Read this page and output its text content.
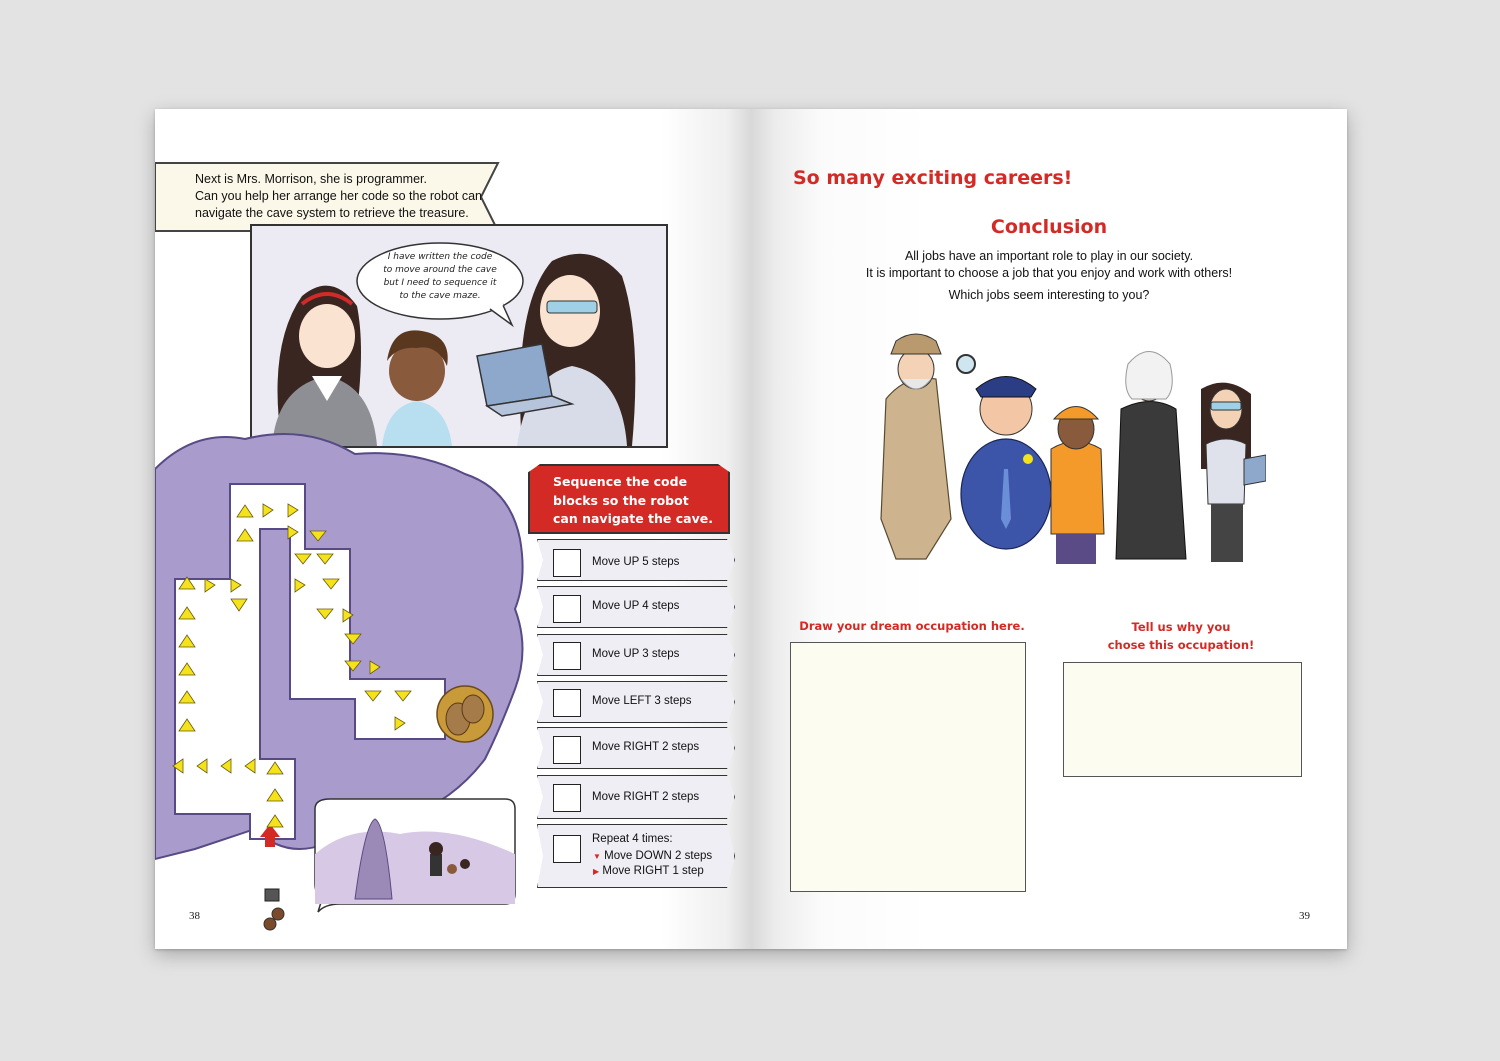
Next is Mrs. Morrison, she is programmer.
Can you help her arrange her code so the robot can
navigate the cave system to retrieve the treasure.
I have written the code
to move around the cave
but I need to sequence it
to the cave maze.
Sequence the code
blocks so the robot
can navigate the cave.
Move UP 5 steps
Move UP 4 steps
Move UP 3 steps
Move LEFT 3 steps
Move RIGHT 2 steps
Move RIGHT 2 steps
Repeat 4 times:
▼ Move DOWN 2 steps
▶ Move RIGHT 1 step
38
So many exciting careers!
Conclusion
All jobs have an important role to play in our society.
It is important to choose a job that you enjoy and work with others!
Which jobs seem interesting to you?
Draw your dream occupation here.	Tell us why you
chose this occupation!
39
